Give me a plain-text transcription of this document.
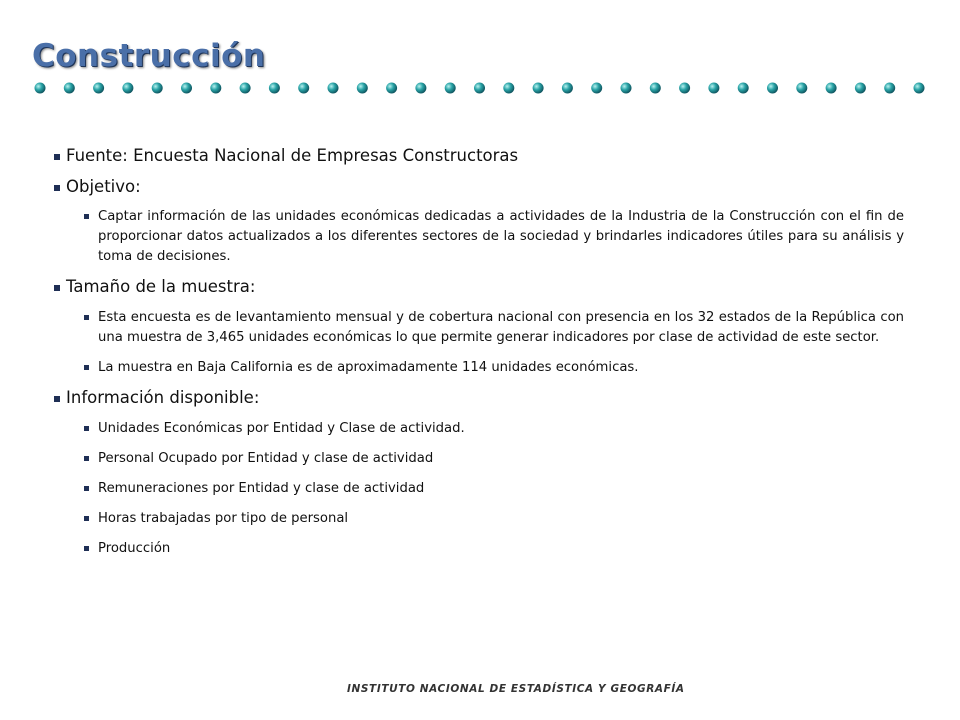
Construcción
Fuente: Encuesta Nacional de Empresas Constructoras
Objetivo:
Captar información de las unidades económicas dedicadas a actividades de la Industria de la Construcción con el fin de proporcionar datos actualizados a los diferentes sectores de la sociedad y brindarles indicadores útiles para su análisis y toma de decisiones.
Tamaño de la muestra:
Esta encuesta es de levantamiento mensual y de cobertura nacional con presencia en los 32 estados de la República con una muestra de 3,465 unidades económicas lo que permite generar indicadores por clase de actividad de este sector.
La muestra en Baja California es de aproximadamente 114 unidades económicas.
Información disponible:
Unidades Económicas por Entidad y Clase de actividad.
Personal Ocupado por Entidad y clase de actividad
Remuneraciones por Entidad y clase de actividad
Horas trabajadas por tipo de personal
Producción
INSTITUTO NACIONAL DE ESTADÍSTICA Y GEOGRAFÍA
